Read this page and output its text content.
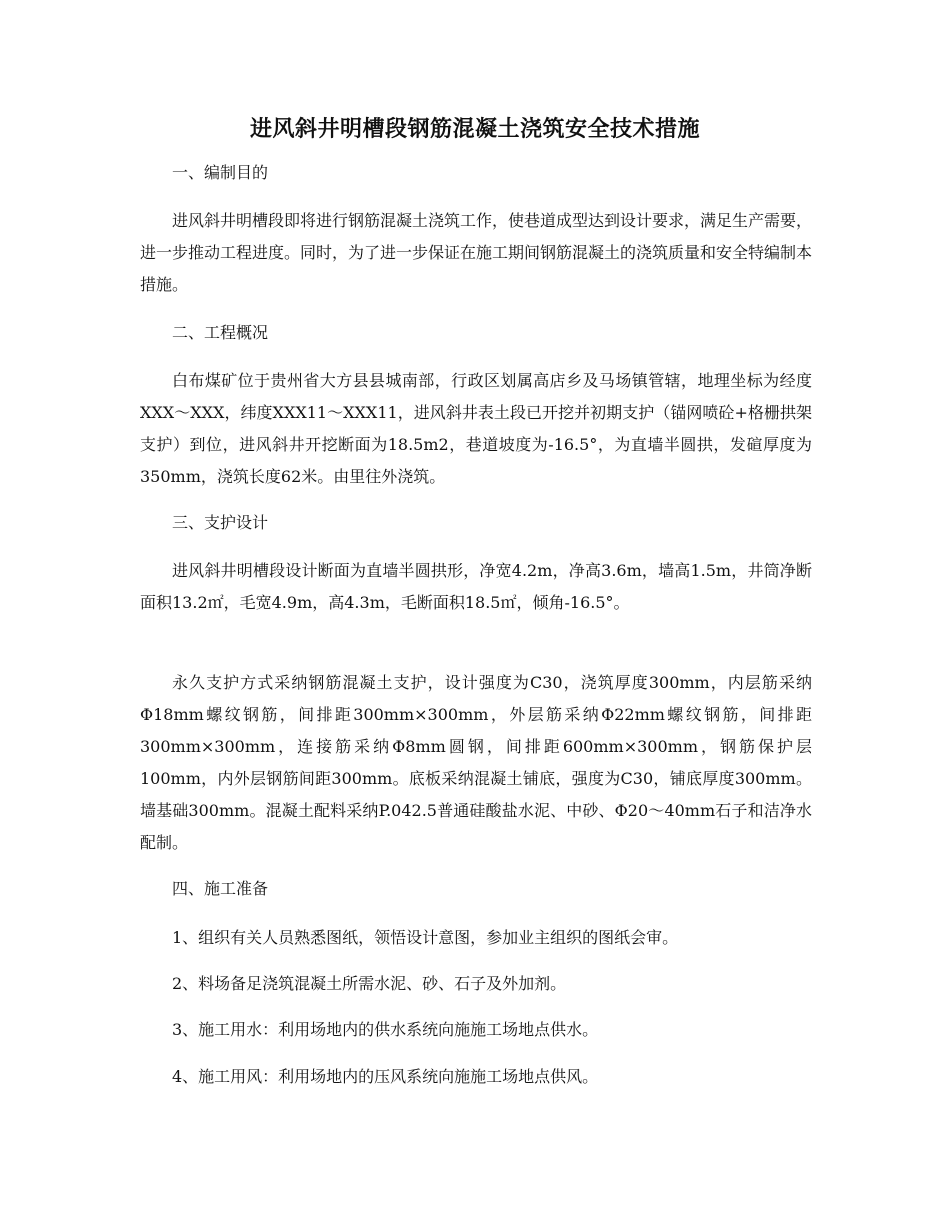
进风斜井明槽段钢筋混凝土浇筑安全技术措施

一、编制目的

进风斜井明槽段即将进行钢筋混凝土浇筑工作，使巷道成型达到设计要求，满足生产需要，进一步推动工程进度。同时，为了进一步保证在施工期间钢筋混凝土的浇筑质量和安全特编制本措施。

二、工程概况

白布煤矿位于贵州省大方县县城南部，行政区划属高店乡及马场镇管辖，地理坐标为经度XXX～XXX，纬度XXX11～XXX11，进风斜井表土段已开挖并初期支护（锚网喷砼+格栅拱架支护）到位，进风斜井开挖断面为18.5m2，巷道坡度为-16.5°，为直墙半圆拱，发碹厚度为350mm，浇筑长度62米。由里往外浇筑。

三、支护设计

进风斜井明槽段设计断面为直墙半圆拱形，净宽4.2m，净高3.6m，墙高1.5m，井筒净断面积13.2㎡，毛宽4.9m，高4.3m，毛断面积18.5㎡，倾角-16.5°。

永久支护方式采纳钢筋混凝土支护，设计强度为C30，浇筑厚度300mm，内层筋采纳Φ18mm螺纹钢筋，间排距300mm×300mm，外层筋采纳Φ22mm螺纹钢筋，间排距300mm×300mm，连接筋采纳Φ8mm圆钢，间排距600mm×300mm，钢筋保护层100mm，内外层钢筋间距300mm。底板采纳混凝土铺底，强度为C30，铺底厚度300mm。墙基础300mm。混凝土配料采纳P.042.5普通硅酸盐水泥、中砂、Φ20～40mm石子和洁净水配制。

四、施工准备

1、组织有关人员熟悉图纸，领悟设计意图，参加业主组织的图纸会审。

2、料场备足浇筑混凝土所需水泥、砂、石子及外加剂。

3、施工用水：利用场地内的供水系统向施施工场地点供水。

4、施工用风：利用场地内的压风系统向施施工场地点供风。
